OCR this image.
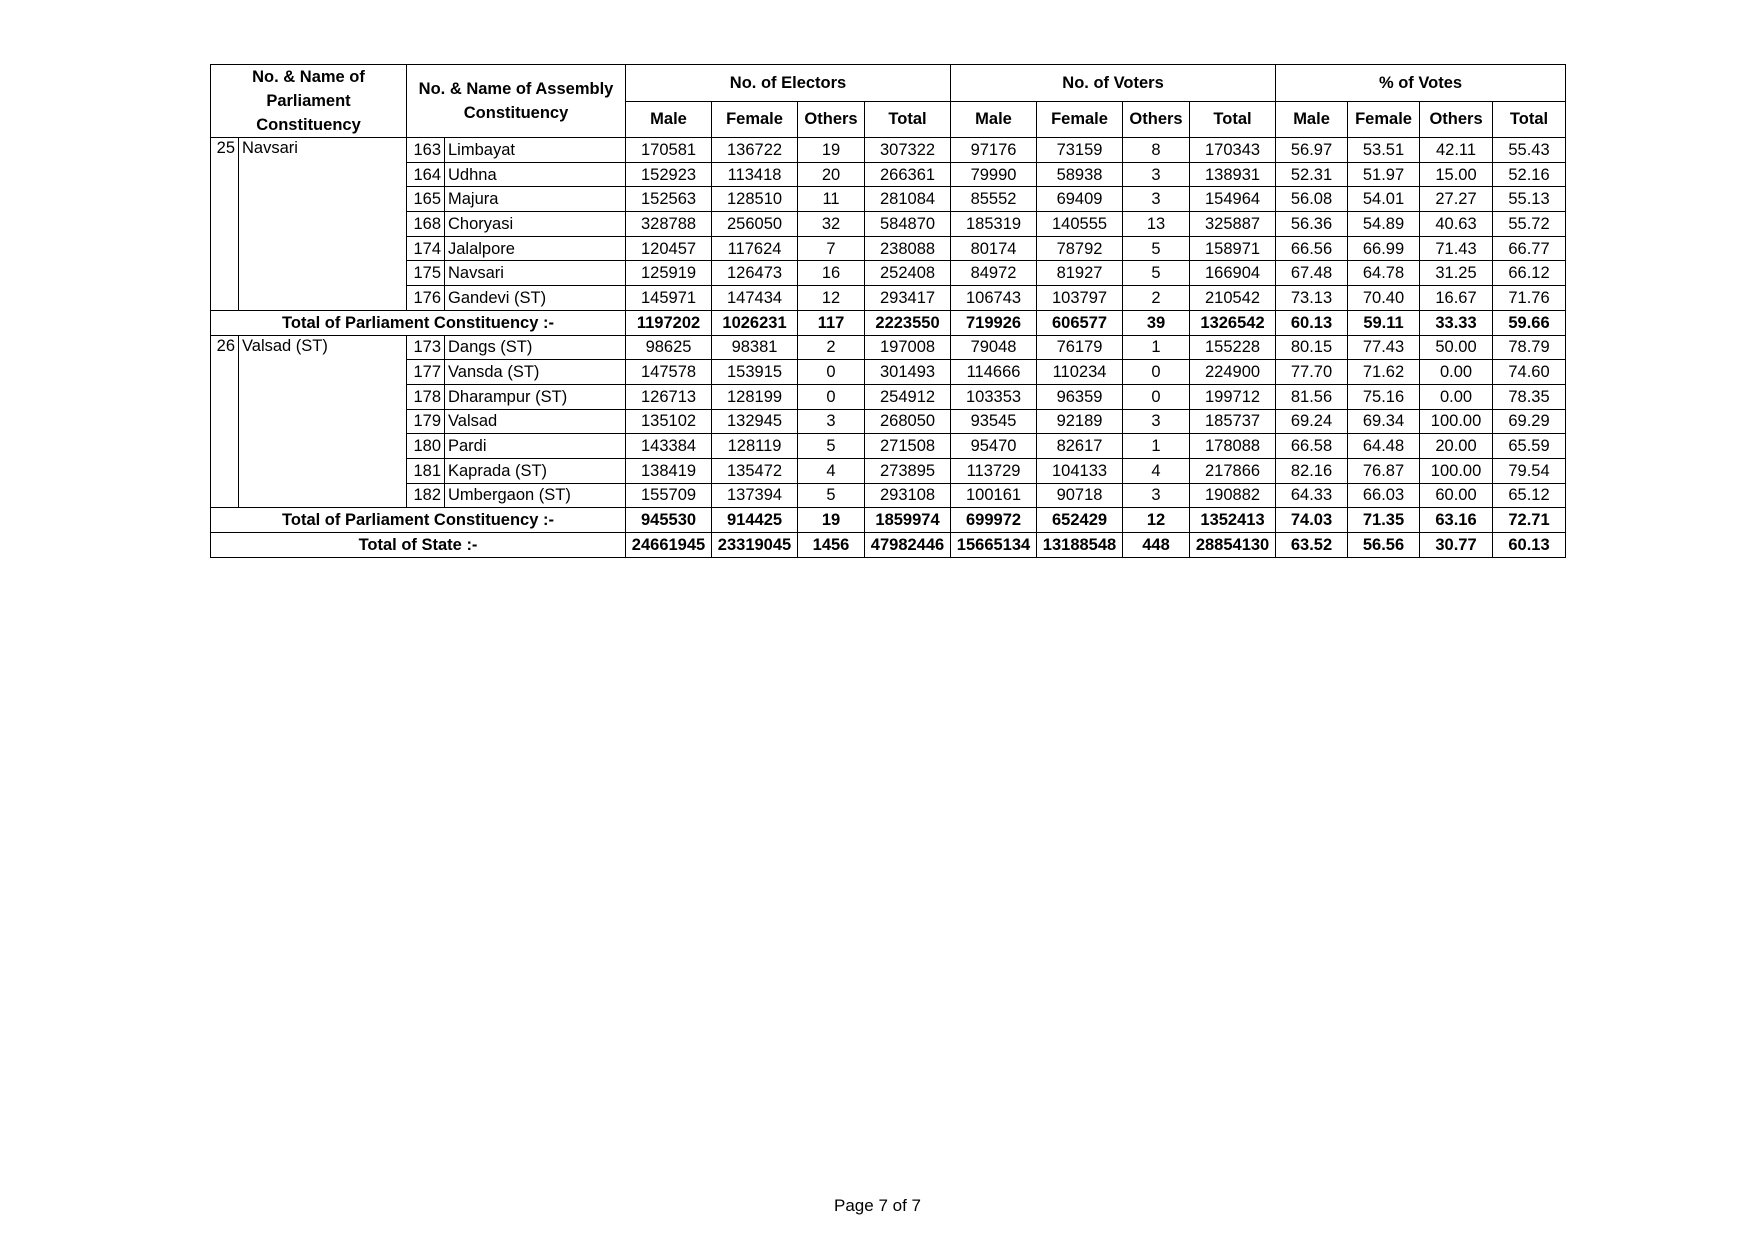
No. & Name of Parliament Constituency		No. & Name of Assembly Constituency		No. of Electors				No. of Voters				% of Votes			
				Male	Female	Others	Total	Male	Female	Others	Total	Male	Female	Others	Total
25	Navsari	163	Limbayat	170581	136722	19	307322	97176	73159	8	170343	56.97	53.51	42.11	55.43
		164	Udhna	152923	113418	20	266361	79990	58938	3	138931	52.31	51.97	15.00	52.16
		165	Majura	152563	128510	11	281084	85552	69409	3	154964	56.08	54.01	27.27	55.13
		168	Choryasi	328788	256050	32	584870	185319	140555	13	325887	56.36	54.89	40.63	55.72
		174	Jalalpore	120457	117624	7	238088	80174	78792	5	158971	66.56	66.99	71.43	66.77
		175	Navsari	125919	126473	16	252408	84972	81927	5	166904	67.48	64.78	31.25	66.12
		176	Gandevi (ST)	145971	147434	12	293417	106743	103797	2	210542	73.13	70.40	16.67	71.76
Total of Parliament Constituency :-				1197202	1026231	117	2223550	719926	606577	39	1326542	60.13	59.11	33.33	59.66
26	Valsad (ST)	173	Dangs (ST)	98625	98381	2	197008	79048	76179	1	155228	80.15	77.43	50.00	78.79
		177	Vansda (ST)	147578	153915	0	301493	114666	110234	0	224900	77.70	71.62	0.00	74.60
		178	Dharampur (ST)	126713	128199	0	254912	103353	96359	0	199712	81.56	75.16	0.00	78.35
		179	Valsad	135102	132945	3	268050	93545	92189	3	185737	69.24	69.34	100.00	69.29
		180	Pardi	143384	128119	5	271508	95470	82617	1	178088	66.58	64.48	20.00	65.59
		181	Kaprada (ST)	138419	135472	4	273895	113729	104133	4	217866	82.16	76.87	100.00	79.54
		182	Umbergaon (ST)	155709	137394	5	293108	100161	90718	3	190882	64.33	66.03	60.00	65.12
Total of Parliament Constituency :-				945530	914425	19	1859974	699972	652429	12	1352413	74.03	71.35	63.16	72.71
Total of State :-				24661945	23319045	1456	47982446	15665134	13188548	448	28854130	63.52	56.56	30.77	60.13
Page 7 of 7
